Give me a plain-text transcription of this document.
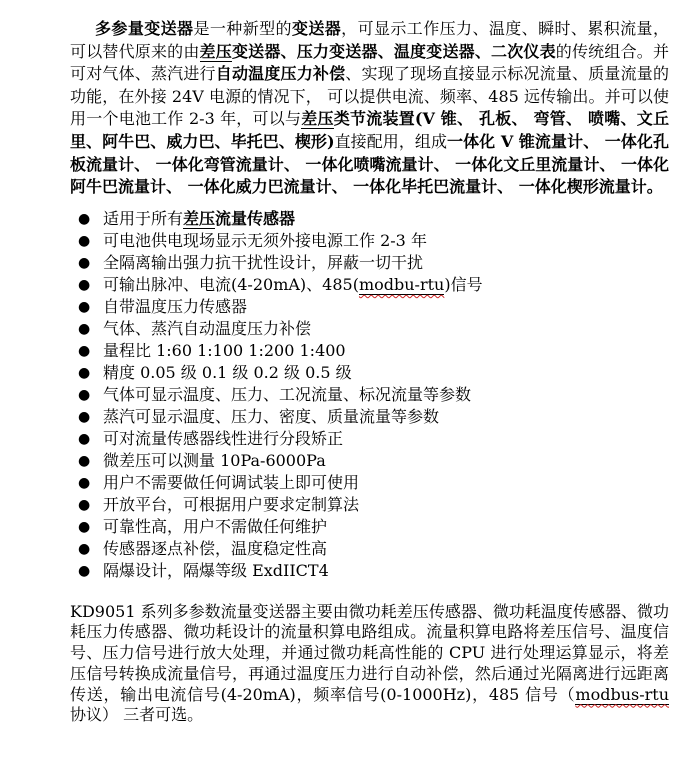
多参量变送器是一种新型的变送器，可显示工作压力、温度、瞬时、累积流量，可以替代原来的由差压变送器、压力变送器、温度变送器、二次仪表的传统组合。并可对气体、蒸汽进行自动温度压力补偿、实现了现场直接显示标况流量、质量流量的功能，在外接 24V 电源的情况下， 可以提供电流、频率、485 远传输出。并可以使用一个电池工作 2-3 年，可以与差压类节流装置(V 锥、 孔板、 弯管、 喷嘴、文丘里、阿牛巴、威力巴、毕托巴、楔形)直接配用，组成一体化 V 锥流量计、 一体化孔板流量计、 一体化弯管流量计、 一体化喷嘴流量计、 一体化文丘里流量计、 一体化阿牛巴流量计、 一体化威力巴流量计、 一体化毕托巴流量计、 一体化楔形流量计。

● 适用于所有差压流量传感器
● 可电池供电现场显示无须外接电源工作 2-3 年
● 全隔离输出强力抗干扰性设计，屏蔽一切干扰
● 可输出脉冲、电流(4-20mA)、485(modbu-rtu)信号
● 自带温度压力传感器
● 气体、蒸汽自动温度压力补偿
● 量程比 1:60 1:100 1:200 1:400
● 精度 0.05 级 0.1 级 0.2 级 0.5 级
● 气体可显示温度、压力、工况流量、标况流量等参数
● 蒸汽可显示温度、压力、密度、质量流量等参数
● 可对流量传感器线性进行分段矫正
● 微差压可以测量 10Pa-6000Pa
● 用户不需要做任何调试装上即可使用
● 开放平台，可根据用户要求定制算法
● 可靠性高，用户不需做任何维护
● 传感器逐点补偿，温度稳定性高
● 隔爆设计，隔爆等级 ExdIICT4

KD9051 系列多参数流量变送器主要由微功耗差压传感器、微功耗温度传感器、微功耗压力传感器、微功耗设计的流量积算电路组成。流量积算电路将差压信号、温度信号、压力信号进行放大处理，并通过微功耗高性能的 CPU 进行处理运算显示，将差压信号转换成流量信号，再通过温度压力进行自动补偿，然后通过光隔离进行远距离传送，输出电流信号(4-20mA)，频率信号(0-1000Hz)，485 信号（modbus-rtu 协议） 三者可选。
